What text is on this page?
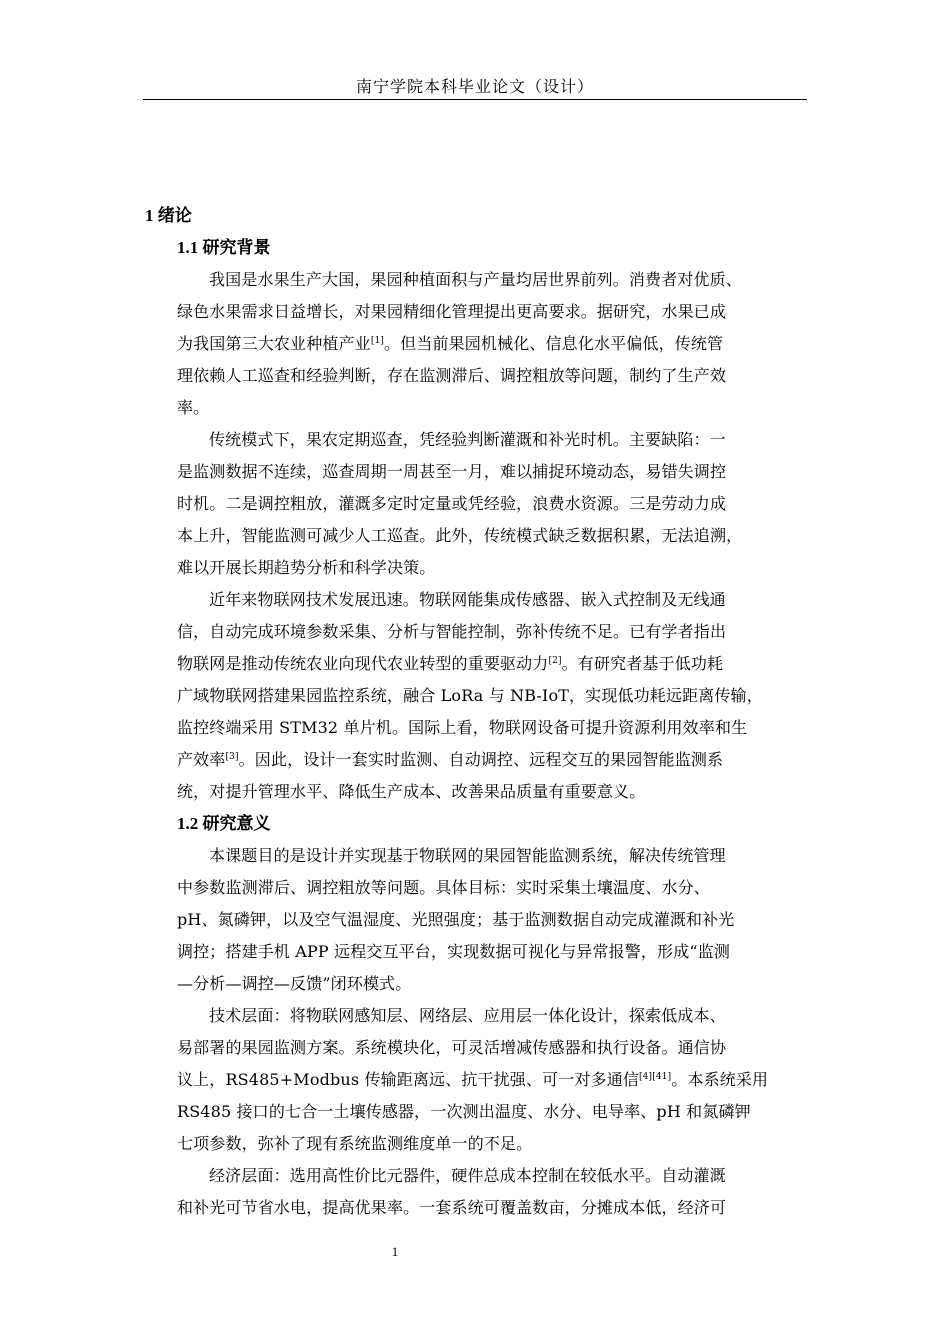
南宁学院本科毕业论文（设计）
1 绪论
1.1 研究背景
我国是水果生产大国，果园种植面积与产量均居世界前列。消费者对优质、
绿色水果需求日益增长，对果园精细化管理提出更高要求。据研究，水果已成
为我国第三大农业种植产业[1]。但当前果园机械化、信息化水平偏低，传统管
理依赖人工巡查和经验判断，存在监测滞后、调控粗放等问题，制约了生产效
率。
传统模式下，果农定期巡查，凭经验判断灌溉和补光时机。主要缺陷：一
是监测数据不连续，巡查周期一周甚至一月，难以捕捉环境动态，易错失调控
时机。二是调控粗放，灌溉多定时定量或凭经验，浪费水资源。三是劳动力成
本上升，智能监测可减少人工巡查。此外，传统模式缺乏数据积累，无法追溯，
难以开展长期趋势分析和科学决策。
近年来物联网技术发展迅速。物联网能集成传感器、嵌入式控制及无线通
信，自动完成环境参数采集、分析与智能控制，弥补传统不足。已有学者指出
物联网是推动传统农业向现代农业转型的重要驱动力[2]。有研究者基于低功耗
广域物联网搭建果园监控系统，融合 LoRa 与 NB-IoT，实现低功耗远距离传输，
监控终端采用 STM32 单片机。国际上看，物联网设备可提升资源利用效率和生
产效率[3]。因此，设计一套实时监测、自动调控、远程交互的果园智能监测系
统，对提升管理水平、降低生产成本、改善果品质量有重要意义。
1.2 研究意义
本课题目的是设计并实现基于物联网的果园智能监测系统，解决传统管理
中参数监测滞后、调控粗放等问题。具体目标：实时采集土壤温度、水分、
pH、氮磷钾，以及空气温湿度、光照强度；基于监测数据自动完成灌溉和补光
调控；搭建手机 APP 远程交互平台，实现数据可视化与异常报警，形成“监测
—分析—调控—反馈”闭环模式。
技术层面：将物联网感知层、网络层、应用层一体化设计，探索低成本、
易部署的果园监测方案。系统模块化，可灵活增减传感器和执行设备。通信协
议上，RS485+Modbus 传输距离远、抗干扰强、可一对多通信[4][41]。本系统采用
RS485 接口的七合一土壤传感器，一次测出温度、水分、电导率、pH 和氮磷钾
七项参数，弥补了现有系统监测维度单一的不足。
经济层面：选用高性价比元器件，硬件总成本控制在较低水平。自动灌溉
和补光可节省水电，提高优果率。一套系统可覆盖数亩，分摊成本低，经济可
1
